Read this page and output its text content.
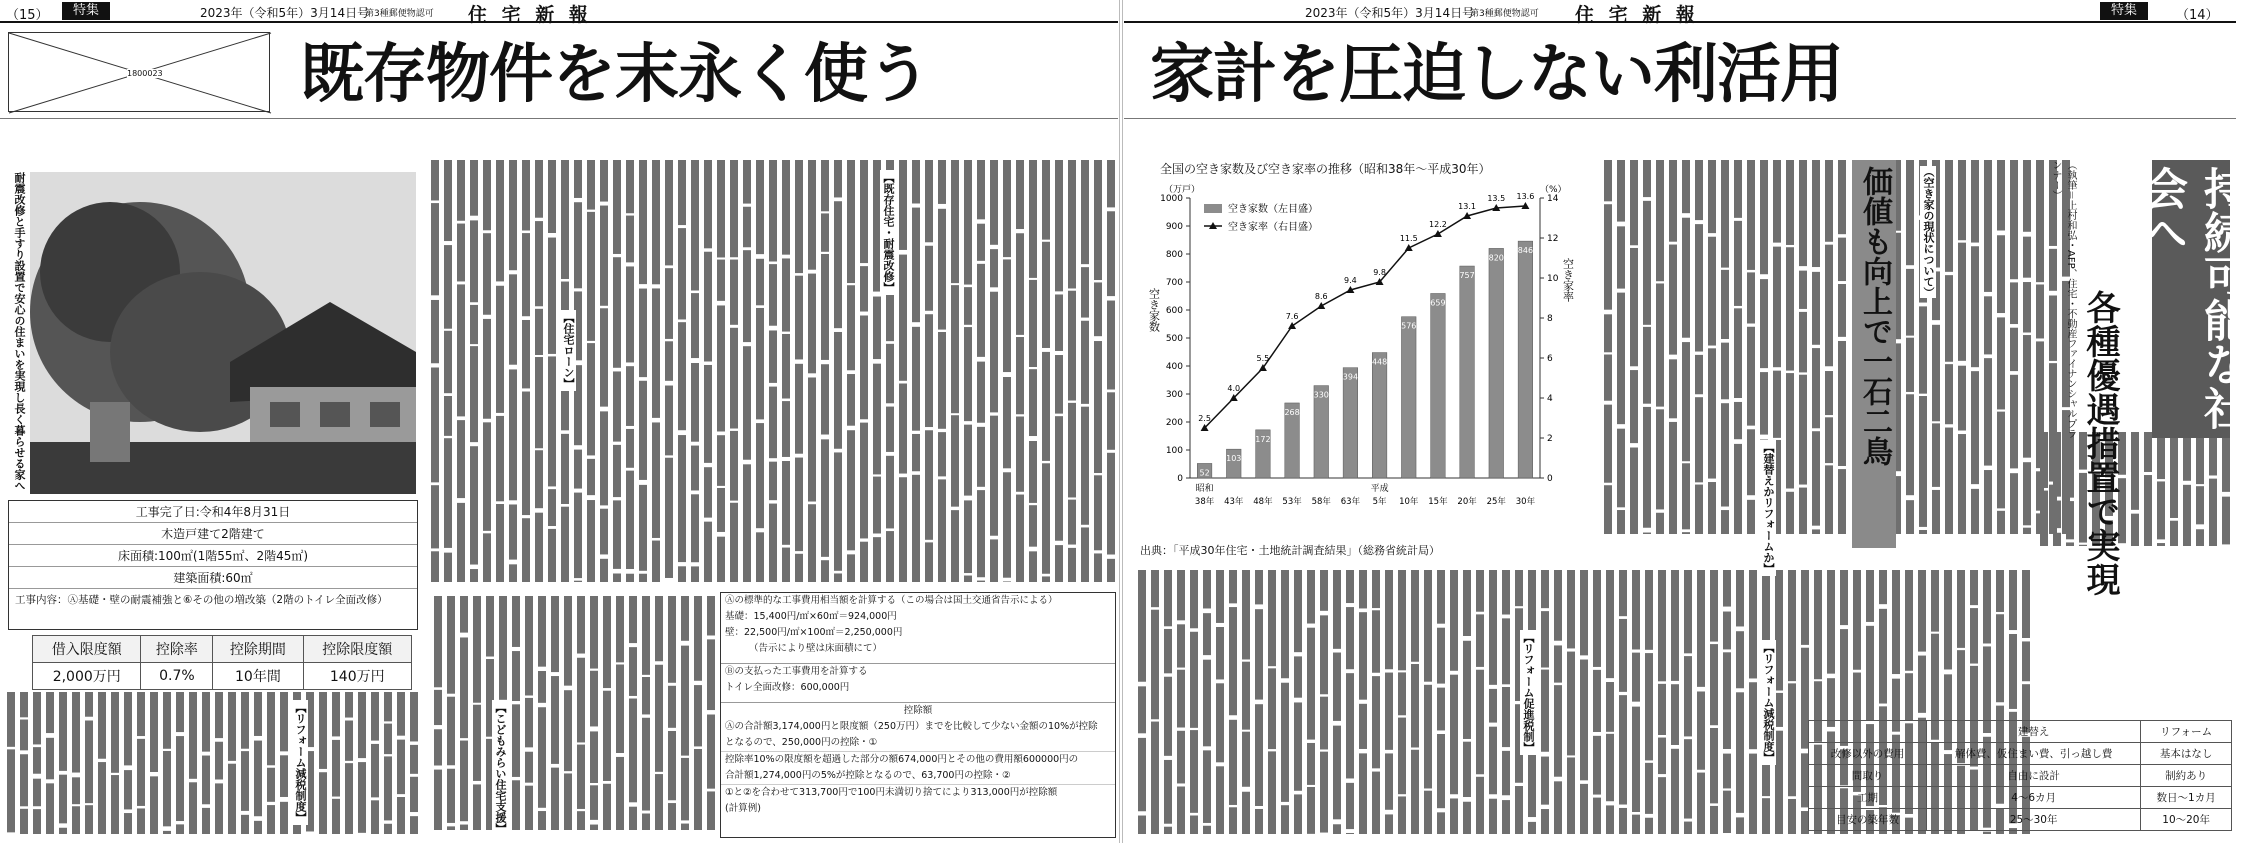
（15）	特集	2023年（令和5年）3月14日号
第3種郵便物認可 住 宅 新 報	2023年（令和5年）3月14日号
第3種郵便物認可 住 宅 新 報	特集	（14）
1800023 既存物件を末永く使う	家計を圧迫しない利活用
耐震改修と手すり設置で安心の住まいを実現し長く暮らせる家へ
工事完了日:令和4年8月31日
木造戸建て2階建て
床面積:100㎡(1階55㎡、2階45㎡)
建築面積:60㎡
工事内容：Ⓐ基礎・壁の耐震補強と⑥その他の増改築（2階のトイレ全面改修）
借入限度額	控除率	控除期間	控除限度額
2,000万円	0.7%	10年間	140万円
【住宅ローン】
【既存住宅・耐震改修】
【こどもみらい住宅支援】
【リフォーム減税制度】
Ⓐの標準的な工事費用相当額を計算する（この場合は国土交通省告示による）
基礎：15,400円/㎡×60㎡＝924,000円
壁：22,500円/㎡×100㎡＝2,250,000円
（告示により壁は床面積にて）
Ⓑの支払った工事費用を計算する
トイレ全面改修：600,000円
控除額
Ⓐの合計額3,174,000円と限度額（250万円）までを比較して少ない金額の10%が控除
となるので、250,000円の控除・①
控除率10%の限度額を超過した部分の額674,000円とその他の費用額600000円の
合計額1,274,000円の5%が控除となるので、63,700円の控除・②
①と②を合わせて313,700円で100円未満切り捨てにより313,000円が控除額
(計算例)
全国の空き家数及び空き家率の推移（昭和38年〜平成30年）
0
100
200
300
400
500
600
700
800
900
1000
0
2
4
6
8
10
12
14
（万戸）	（%）
空き家数
空き家率
52
103
172
268
330
394
448
576
659
757
820
846
2.5
4.0
5.5
7.6
8.6
9.4
9.8
11.5
12.2
13.1
13.5 13.6
38年 43年 48年 53年 58年 63年 5年 10年 15年 20年 25年 30年
昭和	平成
空き家数（左目盛）
空き家率（右目盛）
出典：「平成30年住宅・土地統計調査結果」（総務省統計局）
持続可能な社会へ
各種優遇措置で実現
価値も向上で一石二鳥	（執筆＝上村和弘・AFP、住宅・不動産ファイナンシャルプランナー）
（空き家の現状について）
【リフォーム減税制度】
【リフォーム促進税制】
【建替えかリフォームか】
	建替え	リフォーム
改修以外の費用	解体費、仮住まい費、引っ越し費	基本はなし
間取り	自由に設計	制約あり
工期	4〜6カ月	数日〜1カ月
目安の築年数	25〜30年	10〜20年
